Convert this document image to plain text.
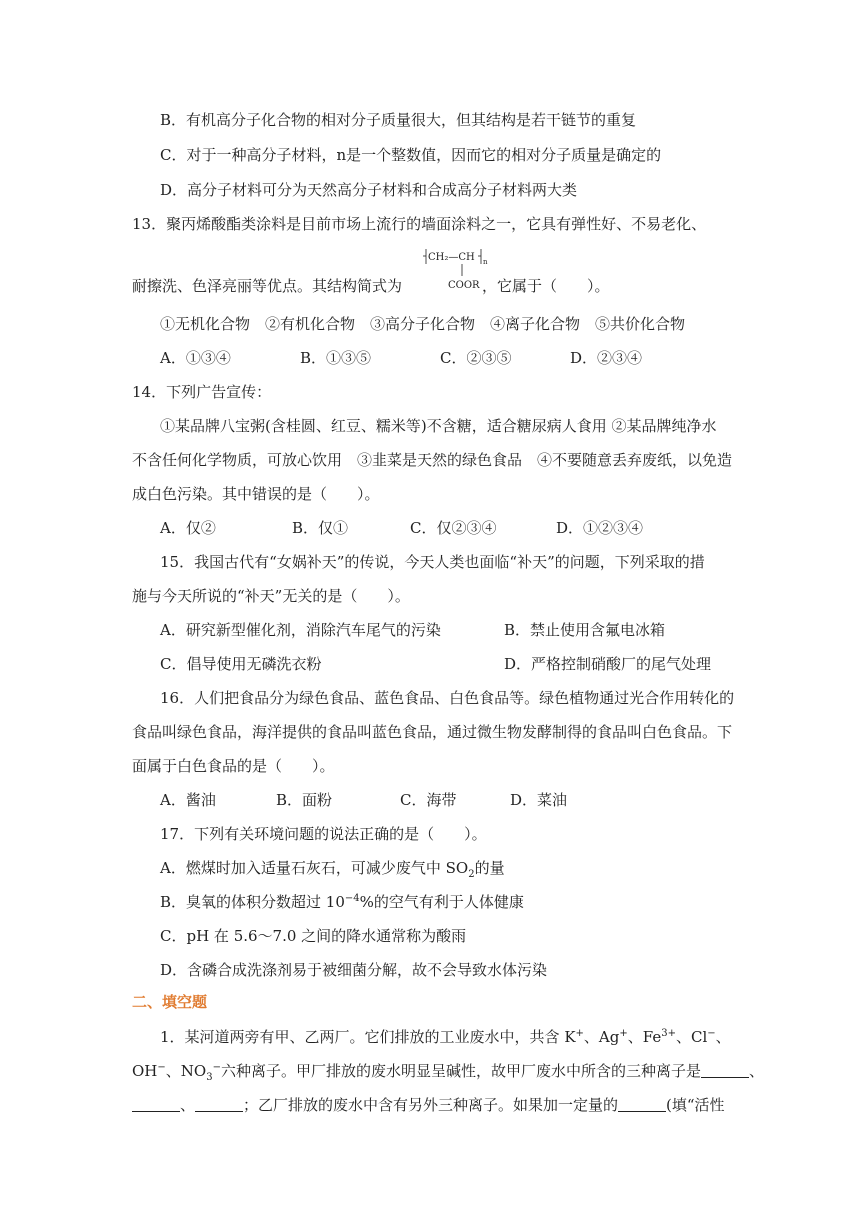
B．有机高分子化合物的相对分子质量很大，但其结构是若干链节的重复
C．对于一种高分子材料，n是一个整数值，因而它的相对分子质量是确定的
D．高分子材料可分为天然高分子材料和合成高分子材料两大类
13．聚丙烯酸酯类涂料是目前市场上流行的墙面涂料之一，它具有弹性好、不易老化、
耐擦洗、色泽亮丽等优点。其结构简式为	，它属于（　　）。
CH₂—CH n
COOR
①无机化合物　②有机化合物　③高分子化合物　④离子化合物　⑤共价化合物
A．①③④	B．①③⑤	C．②③⑤	D．②③④
14．下列广告宣传：
①某品牌八宝粥(含桂圆、红豆、糯米等)不含糖，适合糖尿病人食用 ②某品牌纯净水
不含任何化学物质，可放心饮用　③韭菜是天然的绿色食品　④不要随意丢弃废纸，以免造
成白色污染。其中错误的是（　　）。
A．仅②	B．仅①	C．仅②③④	D．①②③④
15．我国古代有“女娲补天”的传说，今天人类也面临“补天”的问题，下列采取的措
施与今天所说的“补天”无关的是（　　）。
A．研究新型催化剂，消除汽车尾气的污染	B．禁止使用含氟电冰箱
C．倡导使用无磷洗衣粉	D．严格控制硝酸厂的尾气处理
16．人们把食品分为绿色食品、蓝色食品、白色食品等。绿色植物通过光合作用转化的
食品叫绿色食品，海洋提供的食品叫蓝色食品，通过微生物发酵制得的食品叫白色食品。下
面属于白色食品的是（　　）。
A．酱油	B．面粉	C．海带	D．菜油
17．下列有关环境问题的说法正确的是（　　）。
A．燃煤时加入适量石灰石，可减少废气中 $SO_2$的量
B．臭氧的体积分数超过 $10^{-4}\%$的空气有利于人体健康
C．pH 在 5.6～7.0 之间的降水通常称为酸雨
D．含磷合成洗涤剂易于被细菌分解，故不会导致水体污染
二、填空题
1．某河道两旁有甲、乙两厂。它们排放的工业废水中，共含 K+、Ag+、$Fe^{3+}$、Cl−、
OH−、$NO_3^-$六种离子。甲厂排放的废水明显呈碱性，故甲厂废水中所含的三种离子是	、
、	；乙厂排放的废水中含有另外三种离子。如果加一定量的	(填“活性
